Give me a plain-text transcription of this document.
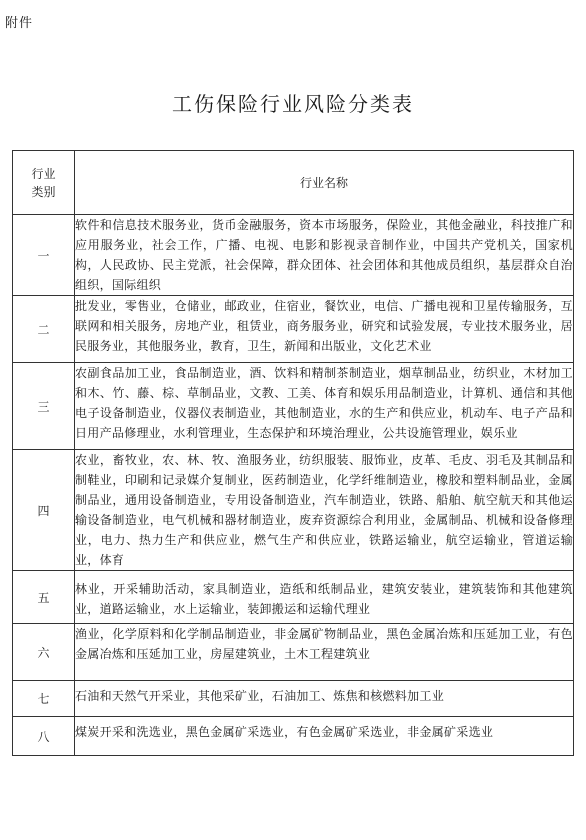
附件
工伤保险行业风险分类表
行业
类别	行业名称
一	软件和信息技术服务业，货币金融服务，资本市场服务，保险业，其他金融业，科技推广和应用服务业，社会工作，广播、电视、电影和影视录音制作业，中国共产党机关，国家机构，人民政协、民主党派，社会保障，群众团体、社会团体和其他成员组织，基层群众自治组织，国际组织
二	批发业，零售业，仓储业，邮政业，住宿业，餐饮业，电信、广播电视和卫星传输服务，互联网和相关服务，房地产业，租赁业，商务服务业，研究和试验发展，专业技术服务业，居民服务业，其他服务业，教育，卫生，新闻和出版业，文化艺术业
三	农副食品加工业，食品制造业，酒、饮料和精制茶制造业，烟草制品业，纺织业，木材加工和木、竹、藤、棕、草制品业，文教、工美、体育和娱乐用品制造业，计算机、通信和其他电子设备制造业，仪器仪表制造业，其他制造业，水的生产和供应业，机动车、电子产品和日用产品修理业，水利管理业，生态保护和环境治理业，公共设施管理业，娱乐业
四	农业，畜牧业，农、林、牧、渔服务业，纺织服装、服饰业，皮革、毛皮、羽毛及其制品和制鞋业，印刷和记录媒介复制业，医药制造业，化学纤维制造业，橡胶和塑料制品业，金属制品业，通用设备制造业，专用设备制造业，汽车制造业，铁路、船舶、航空航天和其他运输设备制造业，电气机械和器材制造业，废弃资源综合利用业，金属制品、机械和设备修理业，电力、热力生产和供应业，燃气生产和供应业，铁路运输业，航空运输业，管道运输业，体育
五	林业，开采辅助活动，家具制造业，造纸和纸制品业，建筑安装业，建筑装饰和其他建筑业，道路运输业，水上运输业，装卸搬运和运输代理业
六	渔业，化学原料和化学制品制造业，非金属矿物制品业，黑色金属冶炼和压延加工业，有色金属冶炼和压延加工业，房屋建筑业，土木工程建筑业
七	石油和天然气开采业，其他采矿业，石油加工、炼焦和核燃料加工业
八	煤炭开采和洗选业，黑色金属矿采选业，有色金属矿采选业，非金属矿采选业
